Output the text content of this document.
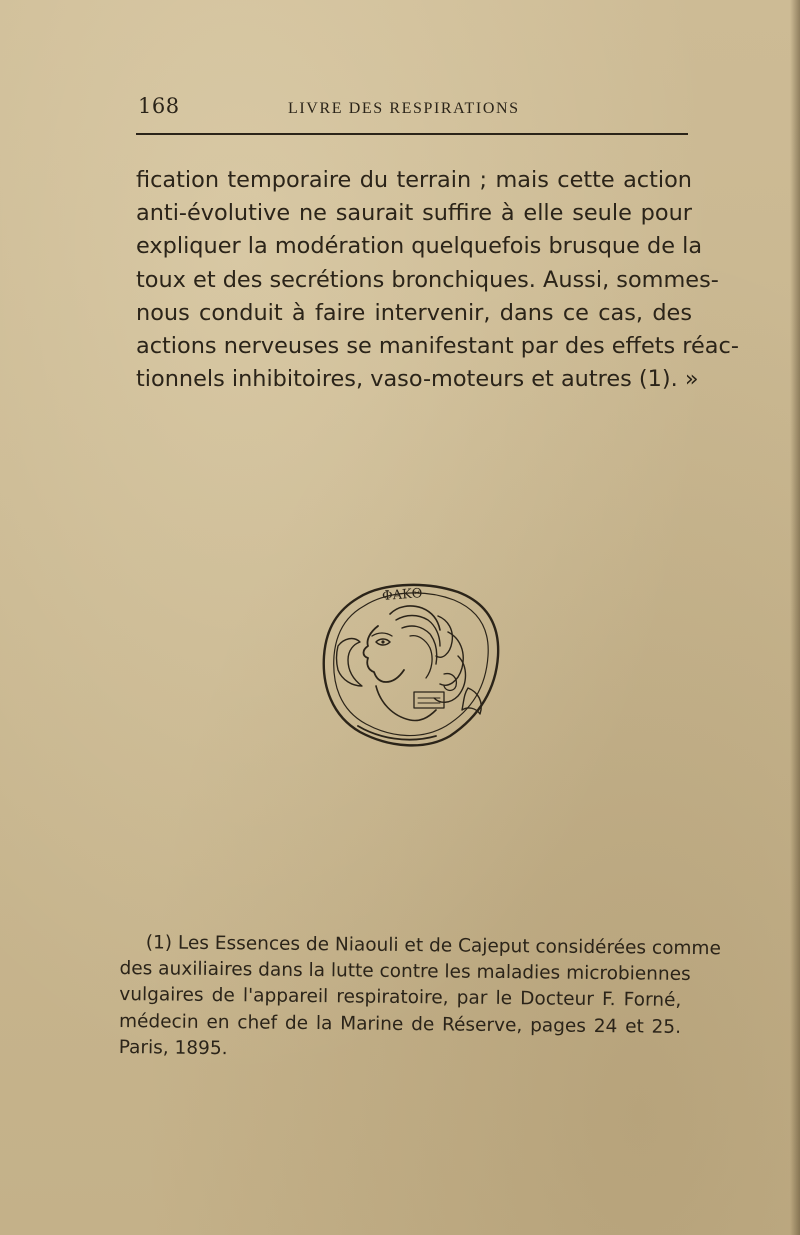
168	LIVRE DES RESPIRATIONS
fication temporaire du terrain ; mais cette action
anti-évolutive ne saurait suffire à elle seule pour
expliquer la modération quelquefois brusque de la
toux et des secrétions bronchiques. Aussi, sommes-
nous conduit à faire intervenir, dans ce cas, des
actions nerveuses se manifestant par des effets réac-
tionnels inhibitoires, vaso-moteurs et autres (1). »
ΦΑΚΘ
(1) Les Essences de Niaouli et de Cajeput considérées comme
des auxiliaires dans la lutte contre les maladies microbiennes
vulgaires de l'appareil respiratoire, par le Docteur F. Forné,
médecin en chef de la Marine de Réserve, pages 24 et 25.
Paris, 1895.
